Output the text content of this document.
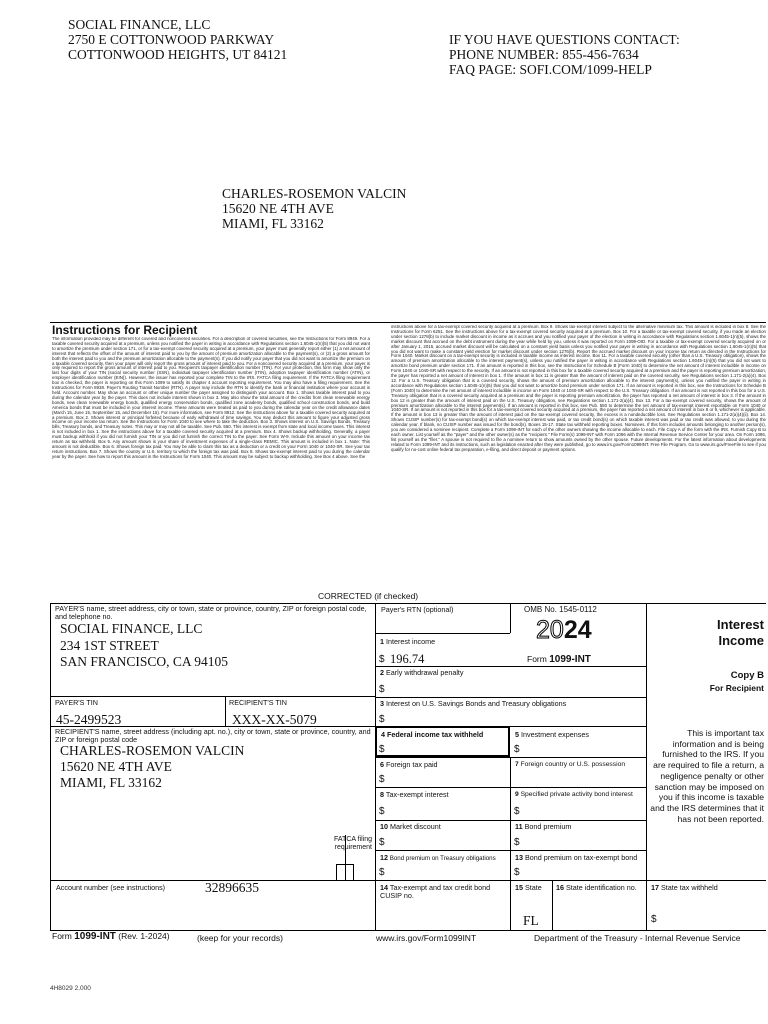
SOCIAL FINANCE, LLC
2750 E COTTONWOOD PARKWAY
COTTONWOOD HEIGHTS, UT 84121
IF YOU HAVE QUESTIONS CONTACT:
PHONE NUMBER: 855-456-7634
FAQ PAGE: SOFI.COM/1099-HELP
CHARLES-ROSEMON VALCIN
15620 NE 4TH AVE
MIAMI, FL 33162
Instructions for Recipient
The information provided may be different for covered and noncovered securities. For a description of covered securities, see the Instructions for Form 8949. For a taxable covered security acquired at a premium, unless you notified the payer in writing in accordance with Regulations section 1.6045-1(n)(5) that you did not want to amortize the premium under section 171, or for a tax-exempt covered security acquired at a premium, your payer must generally report either (1) a net amount of interest that reflects the offset of the amount of interest paid to you by the amount of premium amortization allocable to the payment(s), or (2) a gross amount for both the interest paid to you and the premium amortization allocable to the payment(s). If you did notify your payer that you did not want to amortize the premium on a taxable covered security, then your payer will only report the gross amount of interest paid to you. For a noncovered security acquired at a premium, your payer is only required to report the gross amount of interest paid to you. Recipient's taxpayer identification number (TIN). For your protection, this form may show only the last four digits of your TIN (social security number (SSN), individual taxpayer identification number (ITIN), adoption taxpayer identification number (ATIN), or employer identification number (EIN)). However, the issuer has reported your complete TIN to the IRS. FATCA filing requirement. If the FATCA filing requirement box is checked, the payer is reporting on this Form 1099 to satisfy its chapter 4 account reporting requirement. You may also have a filing requirement. See the Instructions for Form 8938. Payer's Routing Transit Number (RTN). A payer may include the RTN to identify the bank or financial institution where your account is held. Account number. May show an account or other unique number the payer assigned to distinguish your account. Box 1. Shows taxable interest paid to you during the calendar year by the payer. This does not include interest shown in box 3. May also show the total amount of the credits from clean renewable energy bonds, new clean renewable energy bonds, qualified energy conservation bonds, qualified zone academy bonds, qualified school construction bonds, and build America bonds that must be included in your interest income. These amounts were treated as paid to you during the calendar year on the credit allowance dates (March 15, June 15, September 15, and December 15). For more information, see Form 8912. See the instructions above for a taxable covered security acquired at a premium. Box 2. Shows interest or principal forfeited because of early withdrawal of time savings. You may deduct this amount to figure your adjusted gross income on your income tax return. See the Instructions for Form 1040 to see where to take the deduction. Box 3. Shows interest on U.S. Savings Bonds, Treasury bills, Treasury bonds, and Treasury notes. This may or may not all be taxable. See Pub. 550. This interest is exempt from state and local income taxes. This interest is not included in box 1. See the instructions above for a taxable covered security acquired at a premium. Box 4. Shows backup withholding. Generally, a payer must backup withhold if you did not furnish your TIN or you did not furnish the correct TIN to the payer. See Form W-9. Include this amount on your income tax return as tax withheld. Box 5. Any amount shown is your share of investment expenses of a single-class REMIC. This amount is included in box 1. Note: This amount is not deductible. Box 6. Shows foreign tax paid. You may be able to claim this tax as a deduction or a credit on your Form 1040 or 1040-SR. See your tax return instructions. Box 7. Shows the country or U.S. territory to which the foreign tax was paid. Box 8. Shows tax-exempt interest paid to you during the calendar year by the payer. See how to report this amount in the Instructions for Form 1040. This amount may be subject to backup withholding. See Box 4 above. See the
instructions above for a tax-exempt covered security acquired at a premium. Box 9. Shows tax-exempt interest subject to the alternative minimum tax. This amount is included in box 8. See the Instructions for Form 6251. See the instructions above for a tax-exempt covered security acquired at a premium. Box 10. For a taxable or tax-exempt covered security, if you made an election under section 1278(b) to include market discount in income as it accrues and you notified your payer of the election in writing in accordance with Regulations section 1.6045-1(n)(5), shows the market discount that accrued on the debt instrument during the year while held by you, unless it was reported on Form 1099-OID. For a taxable or tax-exempt covered security acquired on or after January 1, 2015, accrued market discount will be calculated on a constant yield basis unless you notified your payer in writing in accordance with Regulations section 1.6045-1(n)(5) that you did not want to make a constant yield election for market discount under section 1276(b). Report the accrued market discount on your income tax return as directed in the Instructions for Form 1040. Market discount on a tax-exempt security is included in taxable income as interest income. Box 11. For a taxable covered security (other than a U.S. Treasury obligation), shows the amount of premium amortization allocable to the interest payment(s), unless you notified the payer in writing in accordance with Regulations section 1.6045-1(n)(5) that you did not want to amortize bond premium under section 171. If an amount is reported in this box, see the Instructions for Schedule B (Form 1040) to determine the net amount of interest includible in income on Form 1040 or 1040-SR with respect to the security. If an amount is not reported in this box for a taxable covered security acquired at a premium and the payer is reporting premium amortization, the payer has reported a net amount of interest in box 1. If the amount in box 11 is greater than the amount of interest paid on the covered security, see Regulations section 1.171-2(a)(4). Box 12. For a U.S. Treasury obligation that is a covered security, shows the amount of premium amortization allocable to the interest payment(s), unless you notified the payer in writing in accordance with Regulations section 1.6045-1(n)(5) that you did not want to amortize bond premium under section 171. If an amount is reported in this box, see the Instructions for Schedule B (Form 1040) to determine the net amount of interest includible in income on Form 1040 or 1040-SR with respect to the U.S. Treasury obligation. If an amount is not reported in this box for a U.S. Treasury obligation that is a covered security acquired at a premium and the payer is reporting premium amortization, the payer has reported a net amount of interest in box 3. If the amount in box 12 is greater than the amount of interest paid on the U.S. Treasury obligation, see Regulations section 1.171-2(a)(4). Box 13. For a tax-exempt covered security, shows the amount of premium amortization allocable to the interest payment(s). If an amount is reported in this box, see Pub. 550 to determine the net amount of tax-exempt interest reportable on Form 1040 or 1040-SR. If an amount is not reported in this box for a tax-exempt covered security acquired at a premium, the payer has reported a net amount of interest in box 8 or 9, whichever is applicable. If the amount in box 13 is greater than the amount of interest paid on the tax-exempt covered security, the excess is a nondeductible loss. See Regulations section 1.171-2(a)(4)(ii). Box 14. Shows CUSIP number(s) for tax-exempt bond(s) on which tax-exempt interest was paid, or tax credit bond(s) on which taxable interest was paid or tax credit was allowed, to you during the calendar year. If blank, no CUSIP number was issued for the bond(s). Boxes 15-17. State tax withheld reporting boxes. Nominees. If this form includes amounts belonging to another person(s), you are considered a nominee recipient. Complete a Form 1099-INT for each of the other owners showing the income allocable to each. File Copy A of the form with the IRS. Furnish Copy B to each owner. List yourself as the "payer" and the other owner(s) as the "recipient." File Form(s) 1099-INT with Form 1096 with the Internal Revenue Service Center for your area. On Form 1096, list yourself as the "filer." A spouse is not required to file a nominee return to show amounts owned by the other spouse. Future developments. For the latest information about developments related to Form 1099-INT and its instructions, such as legislation enacted after they were published, go to www.irs.gov/Form1099INT. Free File Program. Go to www.irs.gov/FreeFile to see if you qualify for no-cost online federal tax preparation, e-filing, and direct deposit or payment options.
CORRECTED (if checked)
PAYER'S name, street address, city or town, state or province, country, ZIP or foreign postal code, and telephone no.
SOCIAL FINANCE, LLC
234 1ST STREET
SAN FRANCISCO, CA 94105
Payer's RTN (optional)
1 Interest income
$ 196.74
OMB No. 1545-0112
2024
Form 1099-INT
Interest
Income
2 Early withdrawal penalty
$
Copy B
For Recipient
PAYER'S TIN
45-2499523
RECIPIENT'S TIN
XXX-XX-5079
3 Interest on U.S. Savings Bonds and Treasury obligations
$
This is important tax information and is being furnished to the IRS. If you are required to file a return, a negligence penalty or other sanction may be imposed on you if this income is taxable and the IRS determines that it has not been reported.
RECIPIENT'S name, street address (including apt. no.), city or town, state or province, country, and ZIP or foreign postal code
CHARLES-ROSEMON VALCIN
15620 NE 4TH AVE
MIAMI, FL 33162
4 Federal income tax withheld
$
5 Investment expenses
$
6 Foreign tax paid
$
7 Foreign country or U.S. possession
8 Tax-exempt interest
$
9 Specified private activity bond interest
$
10 Market discount
$
11 Bond premium
$
FATCA filing requirement
12 Bond premium on Treasury obligations
$
13 Bond premium on tax-exempt bond
$
Account number (see instructions)	32896635	14 Tax-exempt and tax credit bond CUSIP no.
15 State
FL
16 State identification no. 17 State tax withheld
$
Form 1099-INT (Rev. 1-2024)	(keep for your records)	www.irs.gov/Form1099INT	Department of the Treasury - Internal Revenue Service
4H8029 2.000
